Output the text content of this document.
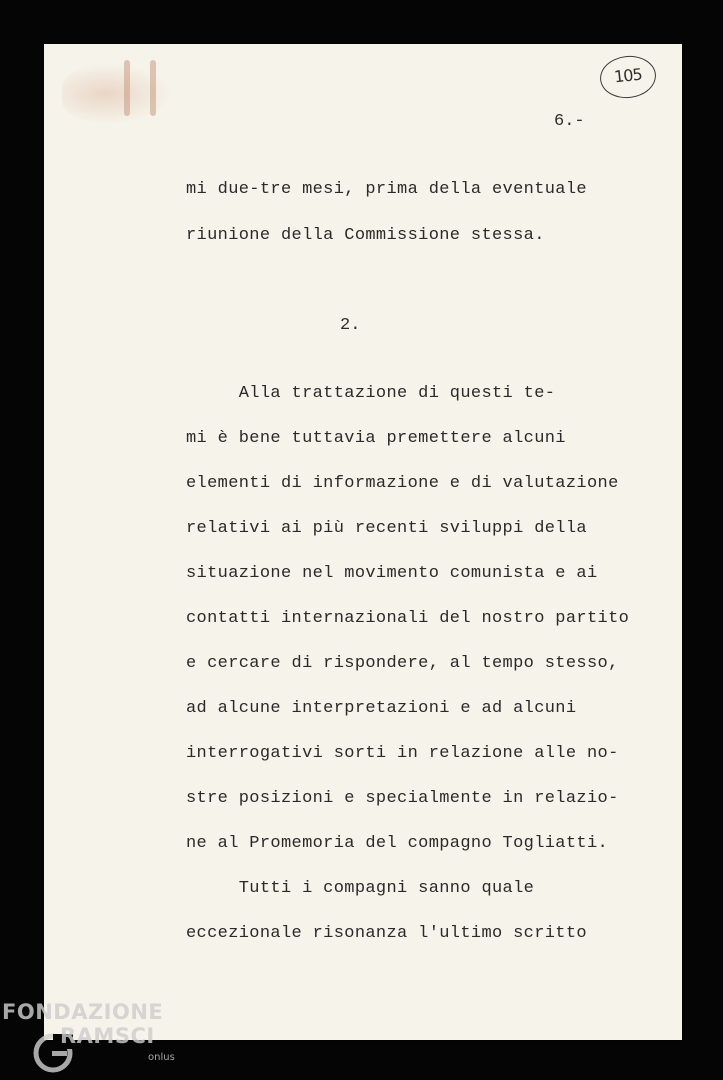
105
6.-
mi due-tre mesi, prima della eventuale
riunione della Commissione stessa.
2.
Alla trattazione di questi te-
mi è bene tuttavia premettere alcuni
elementi di informazione e di valutazione
relativi ai più recenti sviluppi della
situazione nel movimento comunista e ai
contatti internazionali del nostro partito
e cercare di rispondere, al tempo stesso,
ad alcune interpretazioni e ad alcuni
interrogativi sorti in relazione alle no-
stre posizioni e specialmente in relazio-
ne al Promemoria del compagno Togliatti.
Tutti i compagni sanno quale
eccezionale risonanza l'ultimo scritto
FONDAZIONE
RAMSCI
onlus
